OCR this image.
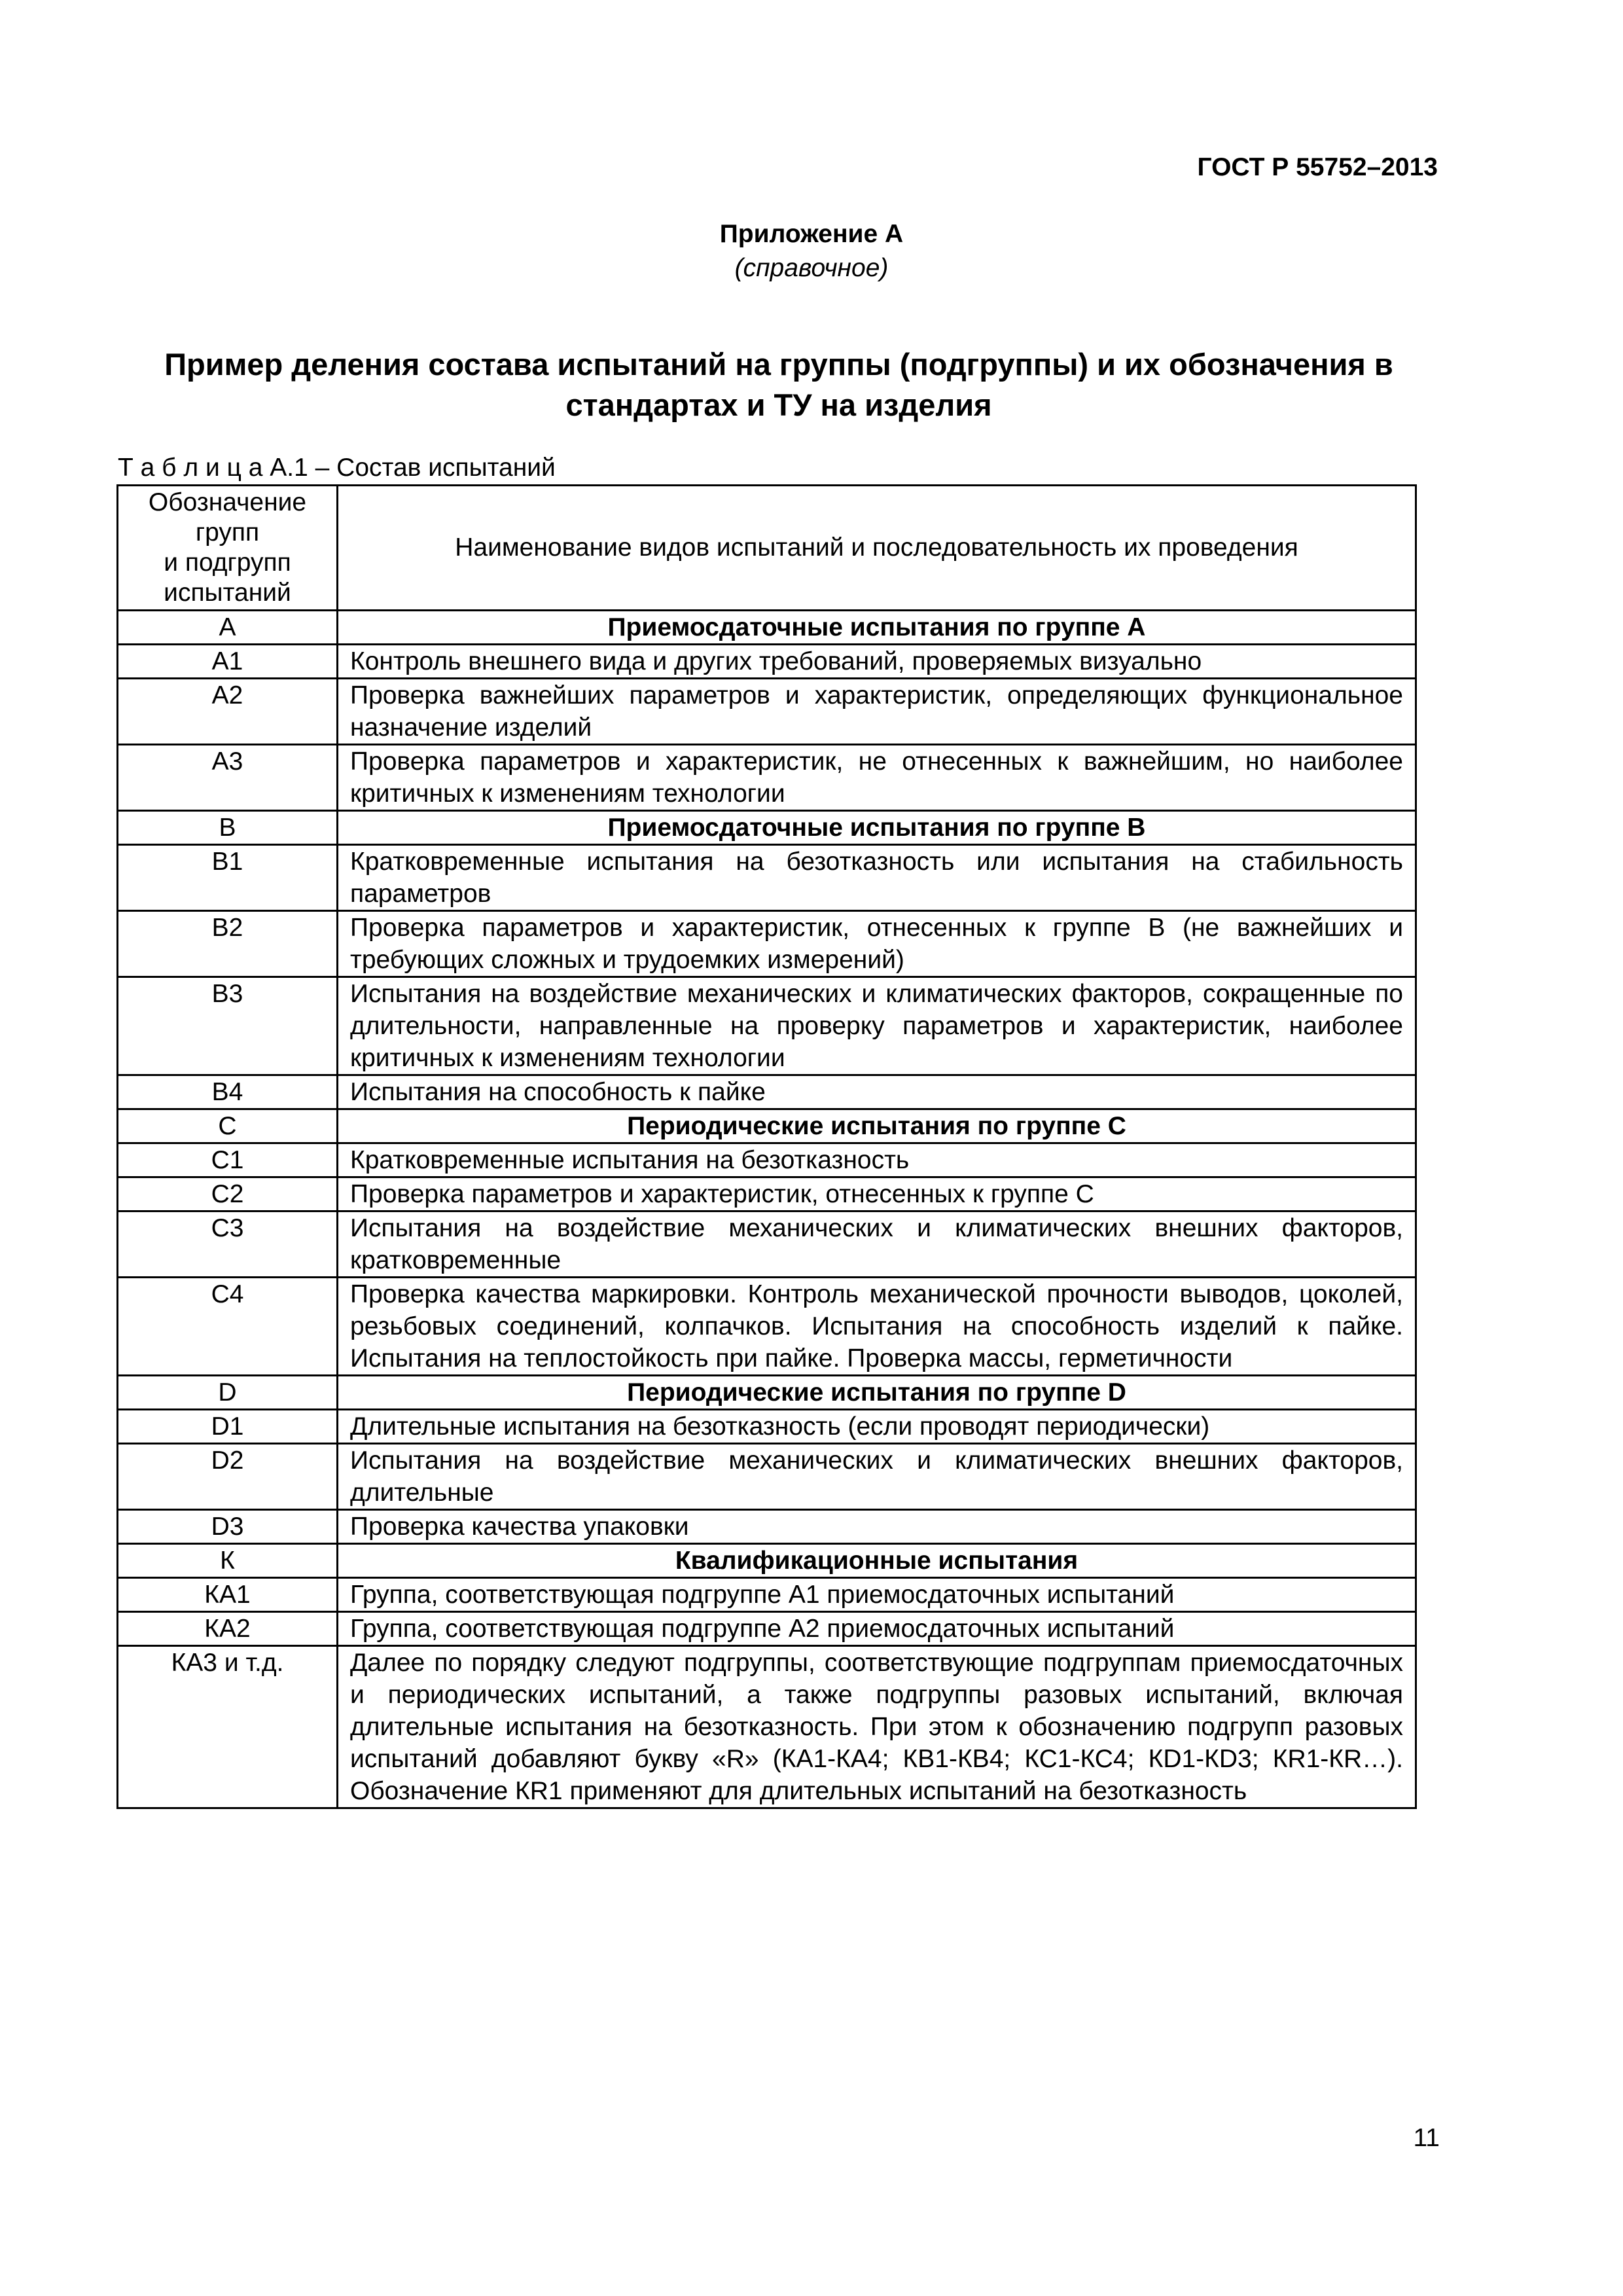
ГОСТ Р 55752–2013

Приложение А
(справочное)
Пример деления состава испытаний на группы (подгруппы) и их обозначения в
стандартах и ТУ на изделия

Т а б л и ц а А.1 – Состав испытаний

Обозначение
групп
и подгрупп
испытаний	Наименование видов испытаний и последовательность их проведения
А	Приемосдаточные испытания по группе А
А1	Контроль внешнего вида и других требований, проверяемых визуально
А2	Проверка важнейших параметров и характеристик, определяющих функциональное назначение изделий
А3	Проверка параметров и характеристик, не отнесенных к важнейшим, но наиболее критичных к изменениям технологии
В	Приемосдаточные испытания по группе В
В1	Кратковременные испытания на безотказность или испытания на стабильность параметров
В2	Проверка параметров и характеристик, отнесенных к группе В (не важнейших и требующих сложных и трудоемких измерений)
В3	Испытания на воздействие механических и климатических факторов, сокращенные по длительности, направленные на проверку параметров и характеристик, наиболее критичных к изменениям технологии
В4	Испытания на способность к пайке
С	Периодические испытания по группе С
С1	Кратковременные испытания на безотказность
С2	Проверка параметров и характеристик, отнесенных к группе С
С3	Испытания на воздействие механических и климатических внешних факторов, кратковременные
С4	Проверка качества маркировки. Контроль механической прочности выводов, цоколей, резьбовых соединений, колпачков. Испытания на способность изделий к пайке. Испытания на теплостойкость при пайке. Проверка массы, герметичности
D	Периодические испытания по группе D
D1	Длительные испытания на безотказность (если проводят периодически)
D2	Испытания на воздействие механических и климатических внешних факторов, длительные
D3	Проверка качества упаковки
К	Квалификационные испытания
КА1	Группа, соответствующая подгруппе А1 приемосдаточных испытаний
КА2	Группа, соответствующая подгруппе А2 приемосдаточных испытаний
КА3 и т.д.	Далее по порядку следуют подгруппы, соответствующие подгруппам приемосдаточных и периодических испытаний, а также подгруппы разовых испытаний, включая длительные испытания на безотказность. При этом к обозначению подгрупп разовых испытаний добавляют букву «R» (КА1-КА4; КВ1-КВ4; КС1-КС4; КD1-КD3; КR1-КR…). Обозначение КR1 применяют для длительных испытаний на безотказность

11
